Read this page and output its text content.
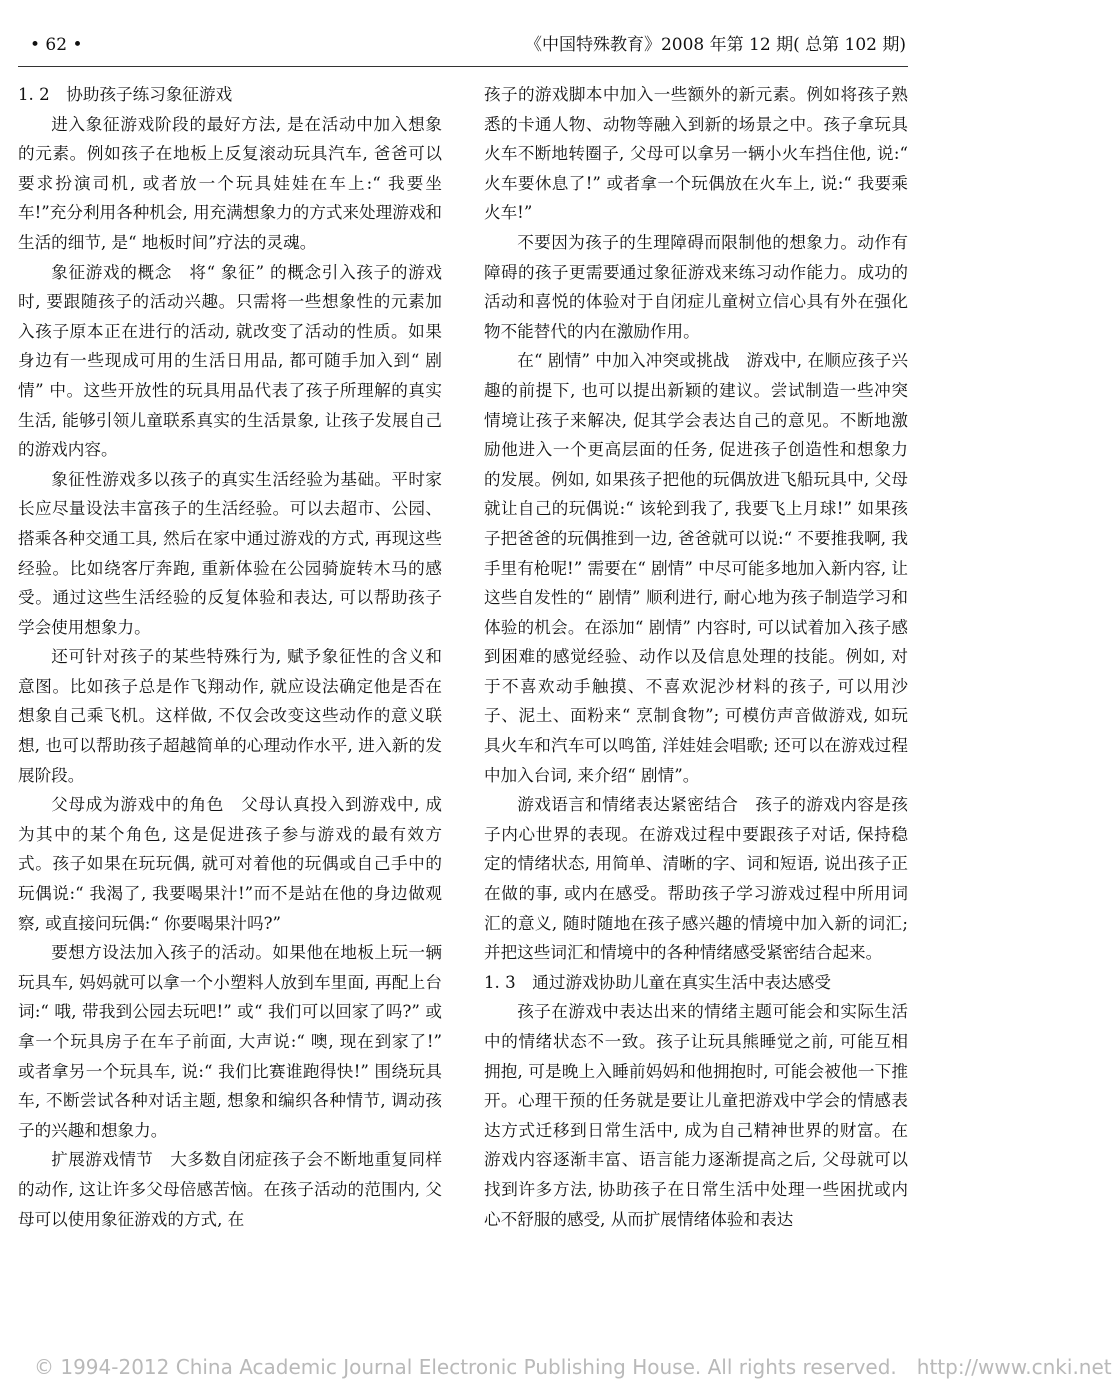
• 62 •	《中国特殊教育》2008 年第 12 期( 总第 102 期)

1. 2　协助孩子练习象征游戏

进入象征游戏阶段的最好方法, 是在活动中加入想象的元素。例如孩子在地板上反复滚动玩具汽车, 爸爸可以要求扮演司机, 或者放一个玩具娃娃在车上:“ 我要坐车!”充分利用各种机会, 用充满想象力的方式来处理游戏和生活的细节, 是“ 地板时间”疗法的灵魂。

象征游戏的概念　将“ 象征” 的概念引入孩子的游戏时, 要跟随孩子的活动兴趣。只需将一些想象性的元素加入孩子原本正在进行的活动, 就改变了活动的性质。如果身边有一些现成可用的生活日用品, 都可随手加入到“ 剧情” 中。这些开放性的玩具用品代表了孩子所理解的真实生活, 能够引领儿童联系真实的生活景象, 让孩子发展自己的游戏内容。

象征性游戏多以孩子的真实生活经验为基础。平时家长应尽量设法丰富孩子的生活经验。可以去超市、公园、搭乘各种交通工具, 然后在家中通过游戏的方式, 再现这些经验。比如绕客厅奔跑, 重新体验在公园骑旋转木马的感受。通过这些生活经验的反复体验和表达, 可以帮助孩子学会使用想象力。

还可针对孩子的某些特殊行为, 赋予象征性的含义和意图。比如孩子总是作飞翔动作, 就应设法确定他是否在想象自己乘飞机。这样做, 不仅会改变这些动作的意义联想, 也可以帮助孩子超越简单的心理动作水平, 进入新的发展阶段。

父母成为游戏中的角色　父母认真投入到游戏中, 成为其中的某个角色, 这是促进孩子参与游戏的最有效方式。孩子如果在玩玩偶, 就可对着他的玩偶或自己手中的玩偶说:“ 我渴了, 我要喝果汁!”而不是站在他的身边做观察, 或直接问玩偶:“ 你要喝果汁吗?”

要想方设法加入孩子的活动。如果他在地板上玩一辆玩具车, 妈妈就可以拿一个小塑料人放到车里面, 再配上台词:“ 哦, 带我到公园去玩吧!” 或“ 我们可以回家了吗?” 或拿一个玩具房子在车子前面, 大声说:“ 噢, 现在到家了!” 或者拿另一个玩具车, 说:“ 我们比赛谁跑得快!” 围绕玩具车, 不断尝试各种对话主题, 想象和编织各种情节, 调动孩子的兴趣和想象力。

扩展游戏情节　大多数自闭症孩子会不断地重复同样的动作, 这让许多父母倍感苦恼。在孩子活动的范围内, 父母可以使用象征游戏的方式, 在

孩子的游戏脚本中加入一些额外的新元素。例如将孩子熟悉的卡通人物、动物等融入到新的场景之中。孩子拿玩具火车不断地转圈子, 父母可以拿另一辆小火车挡住他, 说:“ 火车要休息了!” 或者拿一个玩偶放在火车上, 说:“ 我要乘火车!”

不要因为孩子的生理障碍而限制他的想象力。动作有障碍的孩子更需要通过象征游戏来练习动作能力。成功的活动和喜悦的体验对于自闭症儿童树立信心具有外在强化物不能替代的内在激励作用。

在“ 剧情” 中加入冲突或挑战　游戏中, 在顺应孩子兴趣的前提下, 也可以提出新颖的建议。尝试制造一些冲突情境让孩子来解决, 促其学会表达自己的意见。不断地激励他进入一个更高层面的任务, 促进孩子创造性和想象力的发展。例如, 如果孩子把他的玩偶放进飞船玩具中, 父母就让自己的玩偶说:“ 该轮到我了, 我要飞上月球!” 如果孩子把爸爸的玩偶推到一边, 爸爸就可以说:“ 不要推我啊, 我手里有枪呢!” 需要在“ 剧情” 中尽可能多地加入新内容, 让这些自发性的“ 剧情” 顺利进行, 耐心地为孩子制造学习和体验的机会。在添加“ 剧情” 内容时, 可以试着加入孩子感到困难的感觉经验、动作以及信息处理的技能。例如, 对于不喜欢动手触摸、不喜欢泥沙材料的孩子, 可以用沙子、泥土、面粉来“ 烹制食物”; 可模仿声音做游戏, 如玩具火车和汽车可以鸣笛, 洋娃娃会唱歌; 还可以在游戏过程中加入台词, 来介绍“ 剧情”。

游戏语言和情绪表达紧密结合　孩子的游戏内容是孩子内心世界的表现。在游戏过程中要跟孩子对话, 保持稳定的情绪状态, 用简单、清晰的字、词和短语, 说出孩子正在做的事, 或内在感受。帮助孩子学习游戏过程中所用词汇的意义, 随时随地在孩子感兴趣的情境中加入新的词汇; 并把这些词汇和情境中的各种情绪感受紧密结合起来。

1. 3　通过游戏协助儿童在真实生活中表达感受

孩子在游戏中表达出来的情绪主题可能会和实际生活中的情绪状态不一致。孩子让玩具熊睡觉之前, 可能互相拥抱, 可是晚上入睡前妈妈和他拥抱时, 可能会被他一下推开。心理干预的任务就是要让儿童把游戏中学会的情感表达方式迁移到日常生活中, 成为自己精神世界的财富。在游戏内容逐渐丰富、语言能力逐渐提高之后, 父母就可以找到许多方法, 协助孩子在日常生活中处理一些困扰或内心不舒服的感受, 从而扩展情绪体验和表达

© 1994-2012 China Academic Journal Electronic Publishing House. All rights reserved.　http://www.cnki.net
